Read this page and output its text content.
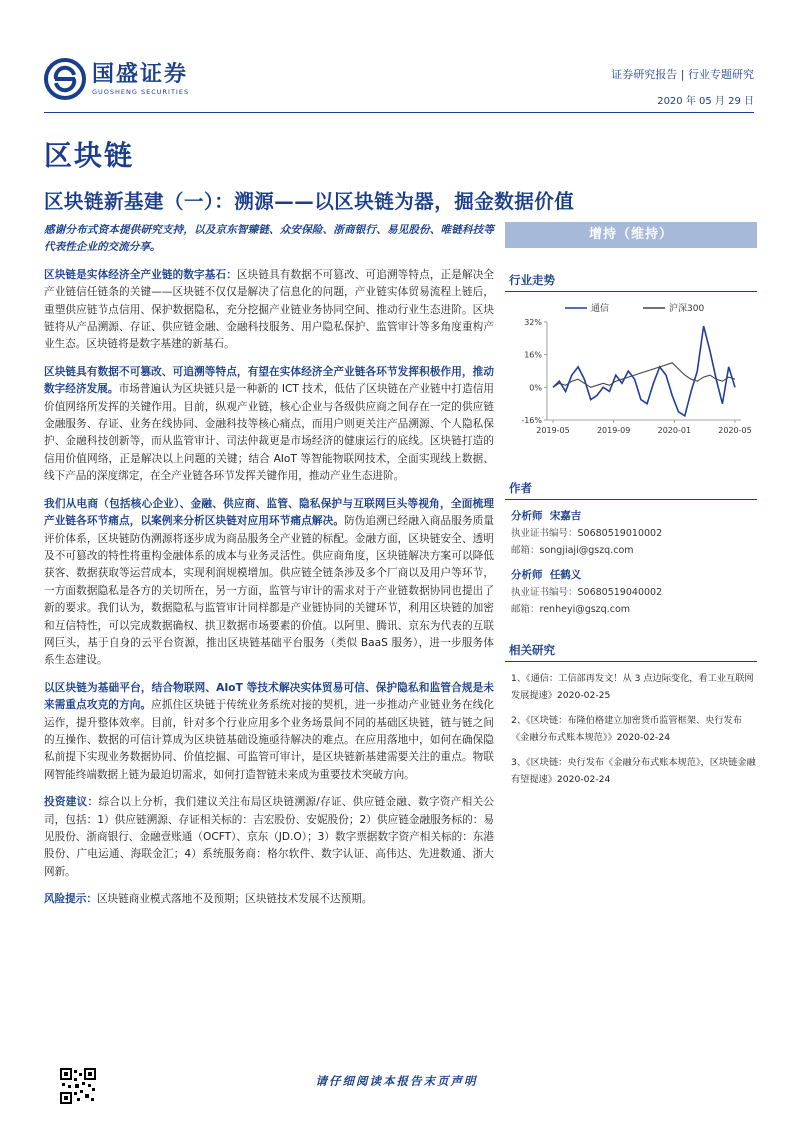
国盛证券
GUOSHENG SECURITIES
证券研究报告 | 行业专题研究
2020 年 05 月 29 日
区块链
区块链新基建（一）：溯源——以区块链为器，掘金数据价值

感谢分布式资本提供研究支持，以及京东智臻链、众安保险、浙商银行、易见股份、唯链科技等代表性企业的交流分享。

区块链是实体经济全产业链的数字基石：区块链具有数据不可篡改、可追溯等特点，正是解决全产业链信任链条的关键——区块链不仅仅是解决了信息化的问题，产业链实体贸易流程上链后，重塑供应链节点信用、保护数据隐私，充分挖掘产业链业务协同空间、推动行业生态进阶。区块链将从产品溯源、存证、供应链金融、金融科技服务、用户隐私保护、监管审计等多角度重构产业生态。区块链将是数字基建的新基石。

区块链具有数据不可篡改、可追溯等特点，有望在实体经济全产业链各环节发挥积极作用，推动数字经济发展。市场普遍认为区块链只是一种新的 ICT 技术，低估了区块链在产业链中打造信用价值网络所发挥的关键作用。目前，纵观产业链，核心企业与各级供应商之间存在一定的供应链金融服务、存证、业务在线协同、金融科技等核心痛点，而用户则更关注产品溯源、个人隐私保护、金融科技创新等，而从监管审计、司法仲裁更是市场经济的健康运行的底线。区块链打造的信用价值网络，正是解决以上问题的关键；结合 AIoT 等智能物联网技术，全面实现线上数据、线下产品的深度绑定，在全产业链各环节发挥关键作用，推动产业生态进阶。

我们从电商（包括核心企业）、金融、供应商、监管、隐私保护与互联网巨头等视角，全面梳理产业链各环节痛点，以案例来分析区块链对应用环节痛点解决。防伪追溯已经融入商品服务质量评价体系，区块链防伪溯源将逐步成为商品服务全产业链的标配。金融方面，区块链安全、透明及不可篡改的特性将重构金融体系的成本与业务灵活性。供应商角度，区块链解决方案可以降低获客、数据获取等运营成本，实现利润规模增加。供应链全链条涉及多个厂商以及用户等环节，一方面数据隐私是各方的关切所在，另一方面，监管与审计的需求对于产业链数据协同也提出了新的要求。我们认为，数据隐私与监管审计同样都是产业链协同的关键环节，利用区块链的加密和互信特性，可以完成数据确权、拱卫数据市场要素的价值。以阿里、腾讯、京东为代表的互联网巨头，基于自身的云平台资源，推出区块链基础平台服务（类似 BaaS 服务），进一步服务体系生态建设。

以区块链为基础平台，结合物联网、AIoT 等技术解决实体贸易可信、保护隐私和监管合规是未来需重点攻克的方向。应抓住区块链于传统业务系统对接的契机，进一步推动产业链业务在线化运作，提升整体效率。目前，针对多个行业应用多个业务场景间不同的基础区块链，链与链之间的互操作、数据的可信计算成为区块链基础设施亟待解决的难点。在应用落地中，如何在确保隐私前提下实现业务数据协同、价值挖掘、可监管可审计，是区块链新基建需要关注的重点。物联网智能终端数据上链为最迫切需求，如何打造智链未来成为重要技术突破方向。

投资建议：综合以上分析，我们建议关注布局区块链溯源/存证、供应链金融、数字资产相关公司，包括：1）供应链溯源、存证相关标的：吉宏股份、安妮股份；2）供应链金融服务标的：易见股份、浙商银行、金融壹账通（OCFT）、京东（JD.O）；3）数字票据数字资产相关标的：东港股份、广电运通、海联金汇；4）系统服务商：格尔软件、数字认证、高伟达、先进数通、浙大网新。

风险提示：区块链商业模式落地不及预期；区块链技术发展不达预期。

增持（维持）
行业走势
32%
16%
0%
-16%
2019-05	2019-09	2020-01	2020-05
通信	沪深300
作者
分析师 宋嘉吉
执业证书编号：S0680519010002
邮箱：songjiaji@gszq.com
分析师 任鹤义
执业证书编号：S0680519040002
邮箱：renheyi@gszq.com
相关研究
1、《通信：工信部再发文！从 3 点边际变化，看工业互联网发展提速》2020-02-25
2、《区块链：布隆伯格建立加密货币监管框架、央行发布《金融分布式账本规范》》2020-02-24
3、《区块链：央行发布《金融分布式账本规范》，区块链金融有望提速》2020-02-24
请仔细阅读本报告末页声明
